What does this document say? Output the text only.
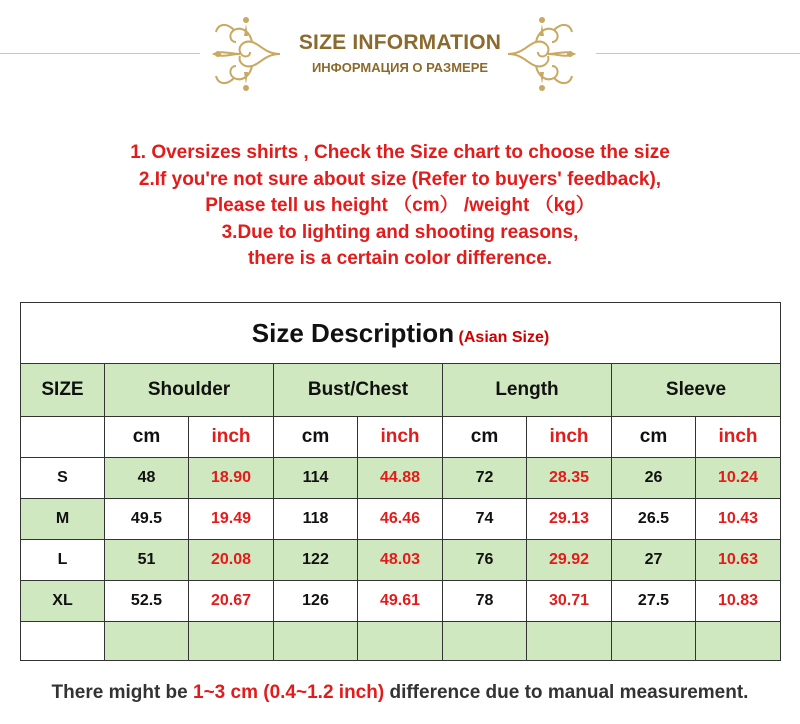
SIZE INFORMATION
ИНФОРМАЦИЯ О РАЗМЕРЕ
1. Oversizes shirts , Check the Size chart to choose the size
2.If you're not sure about size (Refer to buyers' feedback),
Please tell us height （cm） /weight （kg）
3.Due to lighting and shooting reasons,
there is a certain color difference.
Size Description (Asian Size)								
SIZE	Shoulder		Bust/Chest		Length		Sleeve	
	cm	inch	cm	inch	cm	inch	cm	inch
S	48	18.90	114	44.88	72	28.35	26	10.24
M	49.5	19.49	118	46.46	74	29.13	26.5	10.43
L	51	20.08	122	48.03	76	29.92	27	10.63
XL	52.5	20.67	126	49.61	78	30.71	27.5	10.83

There might be 1~3 cm (0.4~1.2 inch) difference due to manual measurement.
